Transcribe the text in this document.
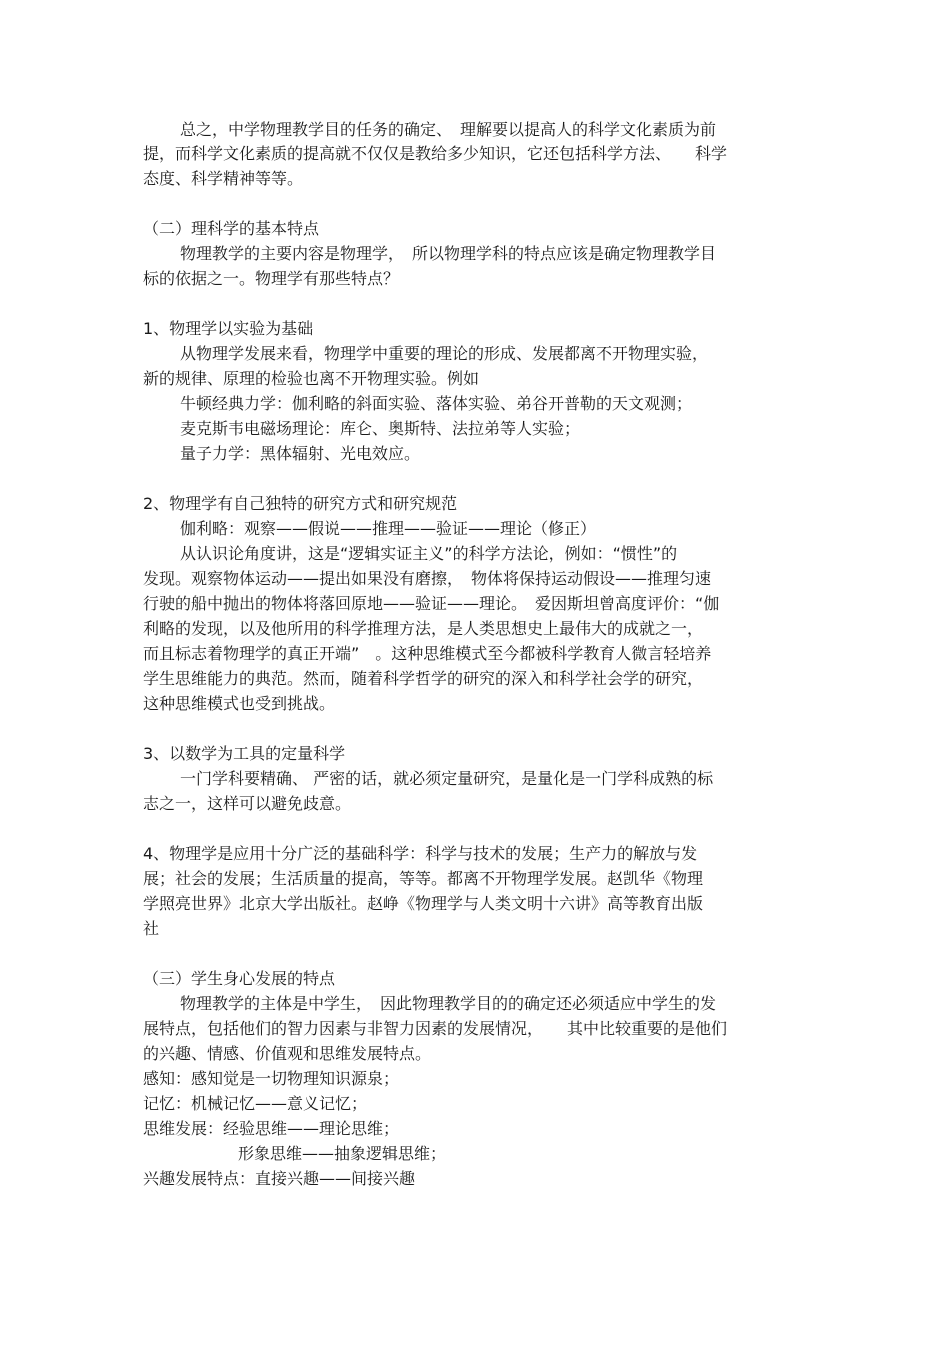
总之，中学物理教学目的任务的确定、　理解要以提高人的科学文化素质为前
提，而科学文化素质的提高就不仅仅是教给多少知识，它还包括科学方法、　　科学
态度、科学精神等等。
（二）理科学的基本特点
物理教学的主要内容是物理学，　所以物理学科的特点应该是确定物理教学目
标的依据之一。物理学有那些特点？
1、物理学以实验为基础
从物理学发展来看，物理学中重要的理论的形成、发展都离不开物理实验，
新的规律、原理的检验也离不开物理实验。例如
牛顿经典力学：伽利略的斜面实验、落体实验、弟谷开普勒的天文观测；
麦克斯韦电磁场理论：库仑、奥斯特、法拉弟等人实验；
量子力学：黑体辐射、光电效应。
2、物理学有自己独特的研究方式和研究规范
伽利略：观察——假说——推理——验证——理论（修正）
从认识论角度讲，这是“逻辑实证主义”的科学方法论，例如：“惯性”的
发现。观察物体运动——提出如果没有磨擦，　物体将保持运动假设——推理匀速
行驶的船中抛出的物体将落回原地——验证——理论。　爱因斯坦曾高度评价：“伽
利略的发现，以及他所用的科学推理方法，是人类思想史上最伟大的成就之一，
而且标志着物理学的真正开端”　。这种思维模式至今都被科学教育人微言轻培养
学生思维能力的典范。然而，随着科学哲学的研究的深入和科学社会学的研究，
这种思维模式也受到挑战。
3、以数学为工具的定量科学
一门学科要精确、 严密的话，就必须定量研究，是量化是一门学科成熟的标
志之一，这样可以避免歧意。
4、物理学是应用十分广泛的基础科学：科学与技术的发展；生产力的解放与发
展；社会的发展；生活质量的提高，等等。都离不开物理学发展。赵凯华《物理
学照亮世界》北京大学出版社。赵峥《物理学与人类文明十六讲》高等教育出版
社
（三）学生身心发展的特点
物理教学的主体是中学生，　因此物理教学目的的确定还必须适应中学生的发
展特点，包括他们的智力因素与非智力因素的发展情况，　　其中比较重要的是他们
的兴趣、情感、价值观和思维发展特点。
感知：感知觉是一切物理知识源泉；
记忆：机械记忆——意义记忆；
思维发展：经验思维——理论思维；
形象思维——抽象逻辑思维；
兴趣发展特点：直接兴趣——间接兴趣
